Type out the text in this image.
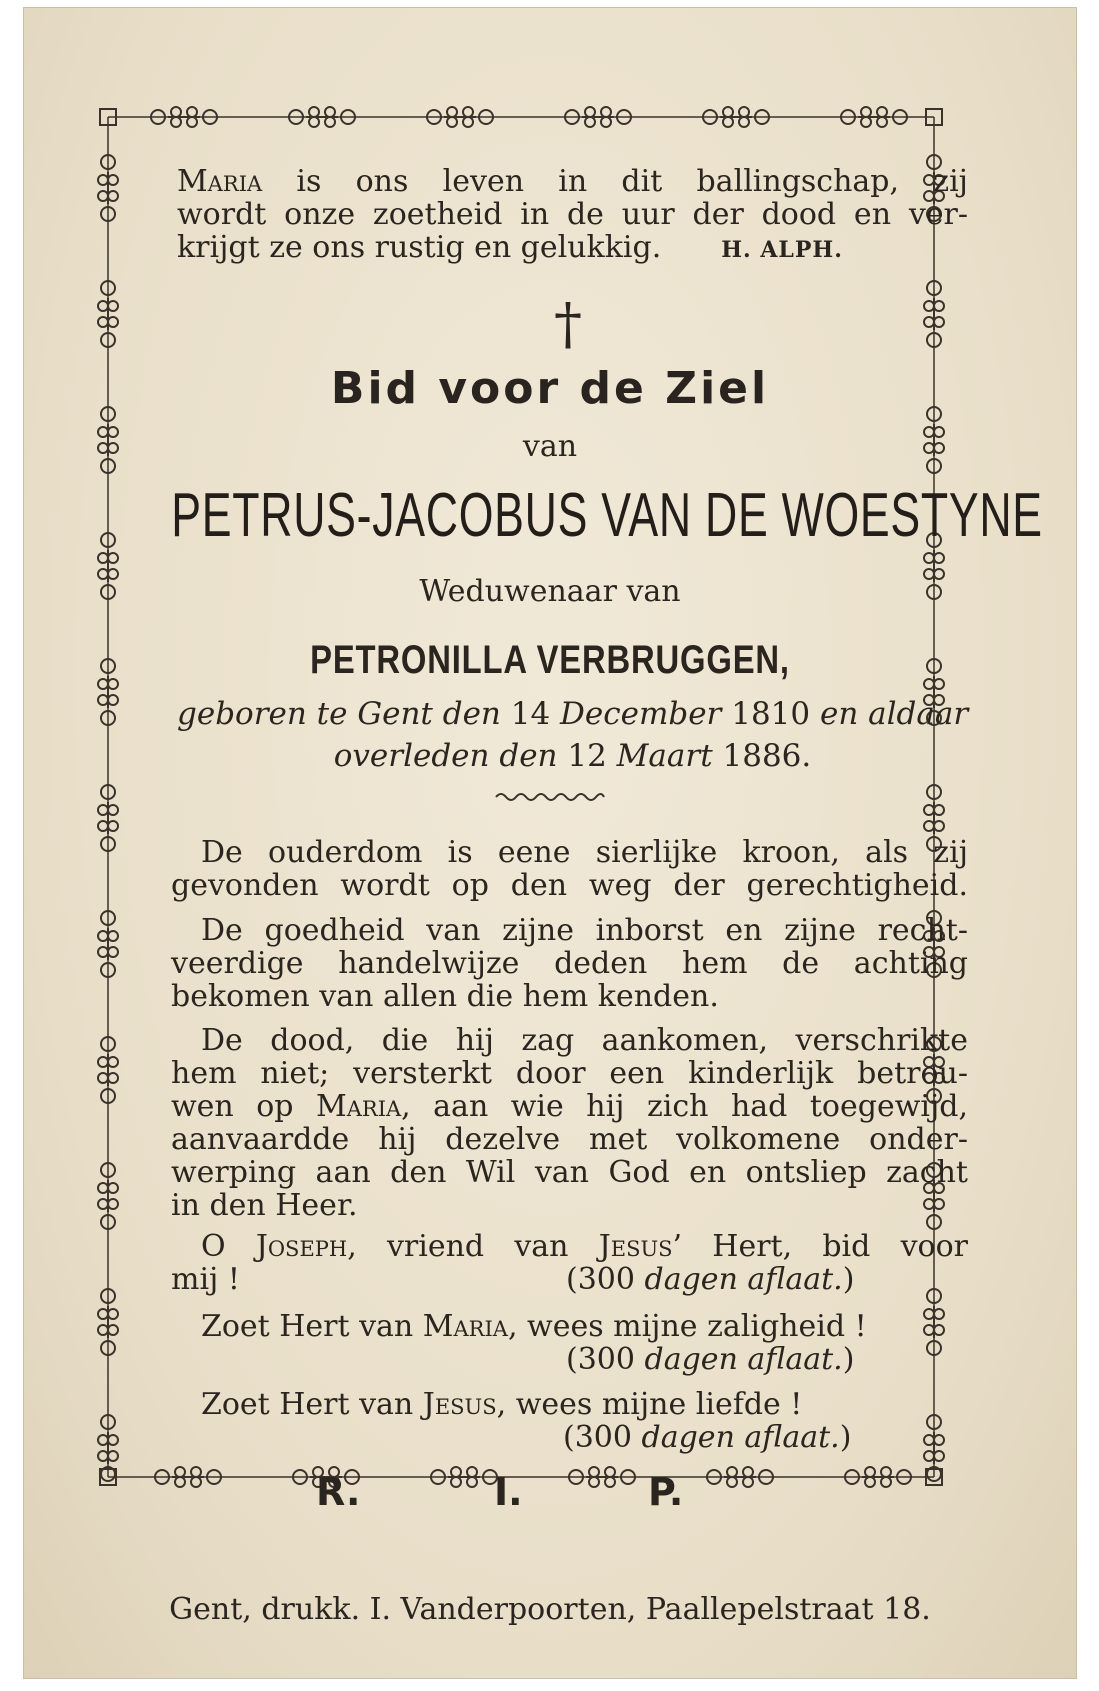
Maria is ons leven in dit ballingschap, zij
wordt onze zoetheid in de uur der dood en ver-
krijgt ze ons rustig en gelukkig.	H. ALPH.
†
Bid voor de Ziel
van
PETRUS-JACOBUS VAN DE WOESTYNE
Weduwenaar van
PETRONILLA VERBRUGGEN,
geboren te Gent den 14 December 1810 en aldaar
overleden den 12 Maart 1886.
De ouderdom is eene sierlijke kroon, als zij
gevonden wordt op den weg der gerechtigheid.
De goedheid van zijne inborst en zijne recht-
veerdige handelwijze deden hem de achting
bekomen van allen die hem kenden.
De dood, die hij zag aankomen, verschrikte
hem niet; versterkt door een kinderlijk betrou-
wen op Maria, aan wie hij zich had toegewijd,
aanvaardde hij dezelve met volkomene onder-
werping aan den Wil van God en ontsliep zacht
in den Heer.
O Joseph, vriend van Jesus’ Hert, bid voor
mij !	(300 dagen aflaat.)
Zoet Hert van Maria, wees mijne zaligheid !
(300 dagen aflaat.)
Zoet Hert van Jesus, wees mijne liefde !
(300 dagen aflaat.)
R.	I.	P.
Gent, drukk. I. Vanderpoorten, Paallepelstraat 18.
